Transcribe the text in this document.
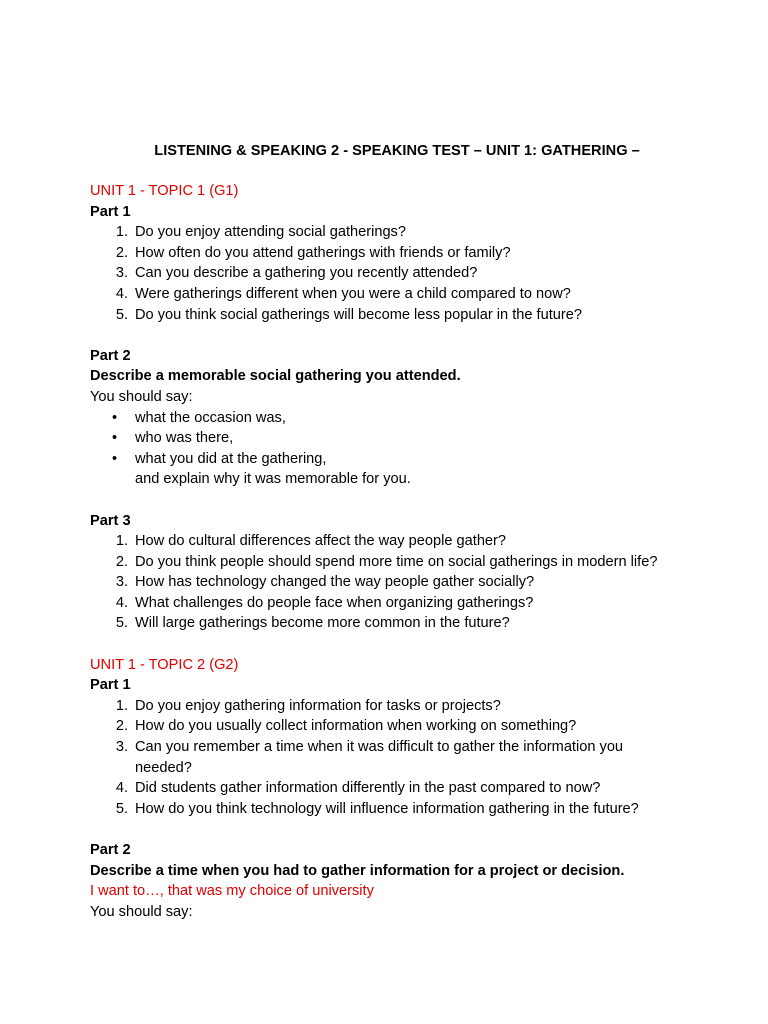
LISTENING & SPEAKING 2 - SPEAKING TEST – UNIT 1: GATHERING –
UNIT 1 - TOPIC 1 (G1)
Part 1
1. Do you enjoy attending social gatherings?
2. How often do you attend gatherings with friends or family?
3. Can you describe a gathering you recently attended?
4. Were gatherings different when you were a child compared to now?
5. Do you think social gatherings will become less popular in the future?
Part 2
Describe a memorable social gathering you attended.
You should say:
• what the occasion was,
• who was there,
• what you did at the gathering,
and explain why it was memorable for you.
Part 3
1. How do cultural differences affect the way people gather?
2. Do you think people should spend more time on social gatherings in modern life?
3. How has technology changed the way people gather socially?
4. What challenges do people face when organizing gatherings?
5. Will large gatherings become more common in the future?
UNIT 1 - TOPIC 2 (G2)
Part 1
1. Do you enjoy gathering information for tasks or projects?
2. How do you usually collect information when working on something?
3. Can you remember a time when it was difficult to gather the information you needed?
4. Did students gather information differently in the past compared to now?
5. How do you think technology will influence information gathering in the future?
Part 2
Describe a time when you had to gather information for a project or decision.
I want to…, that was my choice of university
You should say:
